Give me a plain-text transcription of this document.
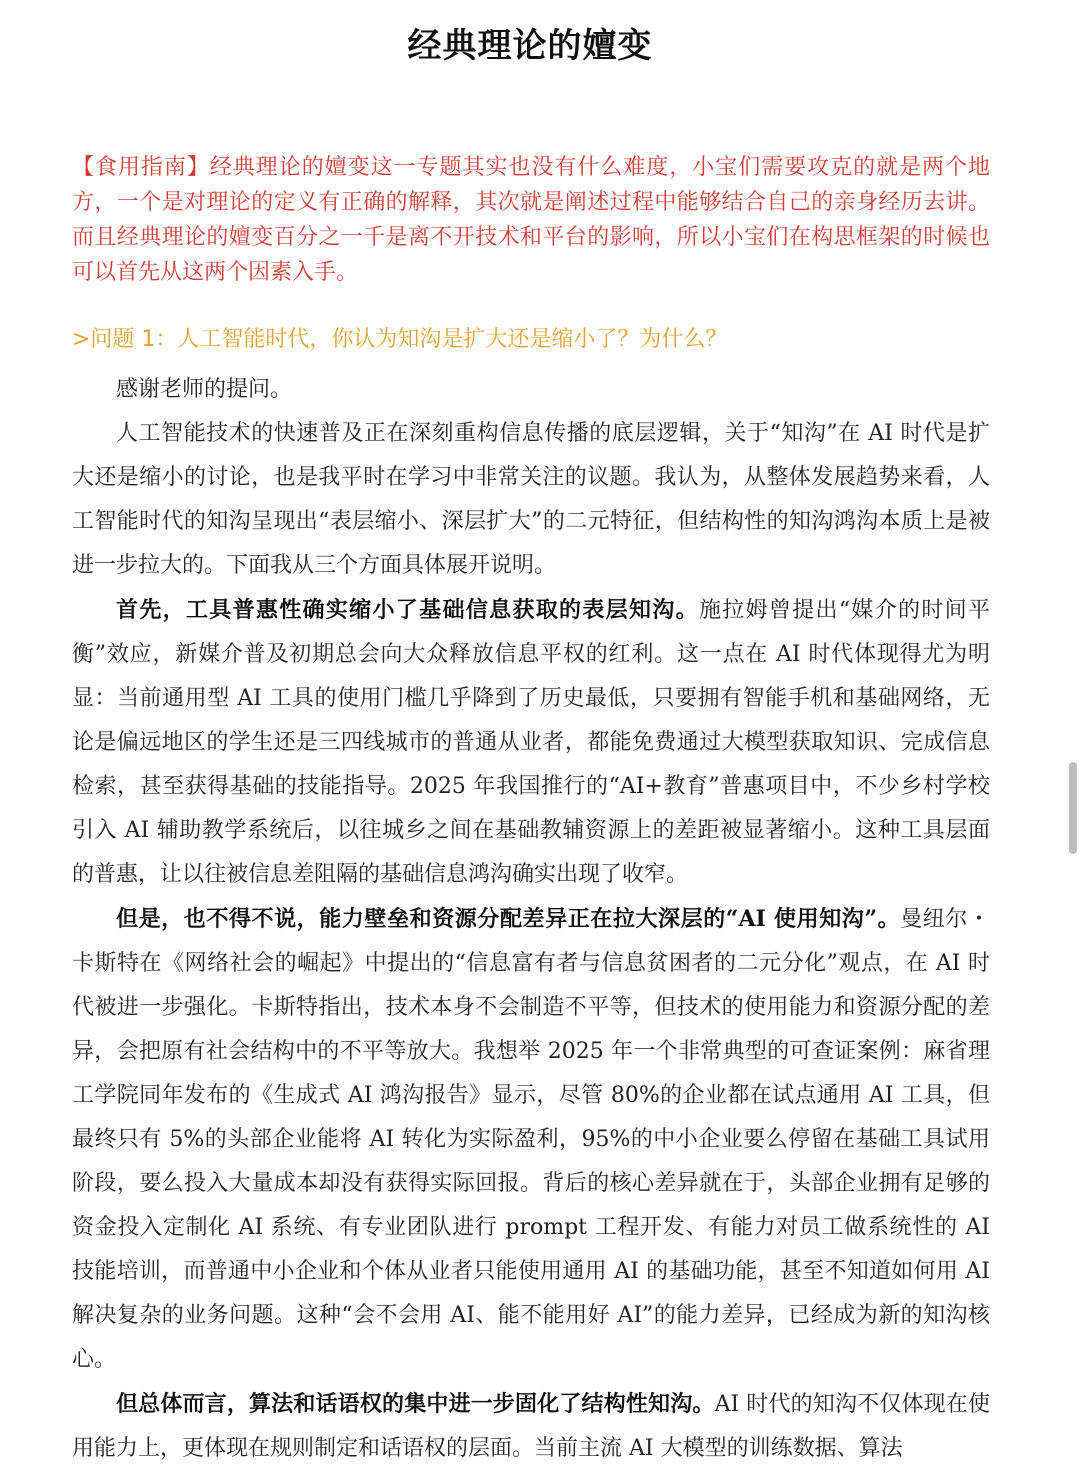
经典理论的嬗变

【食用指南】经典理论的嬗变这一专题其实也没有什么难度，小宝们需要攻克的就是两个地方，一个是对理论的定义有正确的解释，其次就是阐述过程中能够结合自己的亲身经历去讲。而且经典理论的嬗变百分之一千是离不开技术和平台的影响，所以小宝们在构思框架的时候也可以首先从这两个因素入手。

>问题 1：人工智能时代，你认为知沟是扩大还是缩小了？为什么？

感谢老师的提问。

人工智能技术的快速普及正在深刻重构信息传播的底层逻辑，关于“知沟”在 AI 时代是扩大还是缩小的讨论，也是我平时在学习中非常关注的议题。我认为，从整体发展趋势来看，人工智能时代的知沟呈现出“表层缩小、深层扩大”的二元特征，但结构性的知沟鸿沟本质上是被进一步拉大的。下面我从三个方面具体展开说明。

首先，工具普惠性确实缩小了基础信息获取的表层知沟。施拉姆曾提出“媒介的时间平衡”效应，新媒介普及初期总会向大众释放信息平权的红利。这一点在 AI 时代体现得尤为明显：当前通用型 AI 工具的使用门槛几乎降到了历史最低，只要拥有智能手机和基础网络，无论是偏远地区的学生还是三四线城市的普通从业者，都能免费通过大模型获取知识、完成信息检索，甚至获得基础的技能指导。2025 年我国推行的“AI+教育”普惠项目中，不少乡村学校引入 AI 辅助教学系统后，以往城乡之间在基础教辅资源上的差距被显著缩小。这种工具层面的普惠，让以往被信息差阻隔的基础信息鸿沟确实出现了收窄。

但是，也不得不说，能力壁垒和资源分配差异正在拉大深层的“AI 使用知沟”。曼纽尔・卡斯特在《网络社会的崛起》中提出的“信息富有者与信息贫困者的二元分化”观点，在 AI 时代被进一步强化。卡斯特指出，技术本身不会制造不平等，但技术的使用能力和资源分配的差异，会把原有社会结构中的不平等放大。我想举 2025 年一个非常典型的可查证案例：麻省理工学院同年发布的《生成式 AI 鸿沟报告》显示，尽管 80%的企业都在试点通用 AI 工具，但最终只有 5%的头部企业能将 AI 转化为实际盈利，95%的中小企业要么停留在基础工具试用阶段，要么投入大量成本却没有获得实际回报。背后的核心差异就在于，头部企业拥有足够的资金投入定制化 AI 系统、有专业团队进行 prompt 工程开发、有能力对员工做系统性的 AI 技能培训，而普通中小企业和个体从业者只能使用通用 AI 的基础功能，甚至不知道如何用 AI 解决复杂的业务问题。这种“会不会用 AI、能不能用好 AI”的能力差异，已经成为新的知沟核心。

但总体而言，算法和话语权的集中进一步固化了结构性知沟。AI 时代的知沟不仅体现在使用能力上，更体现在规则制定和话语权的层面。当前主流 AI 大模型的训练数据、算法
